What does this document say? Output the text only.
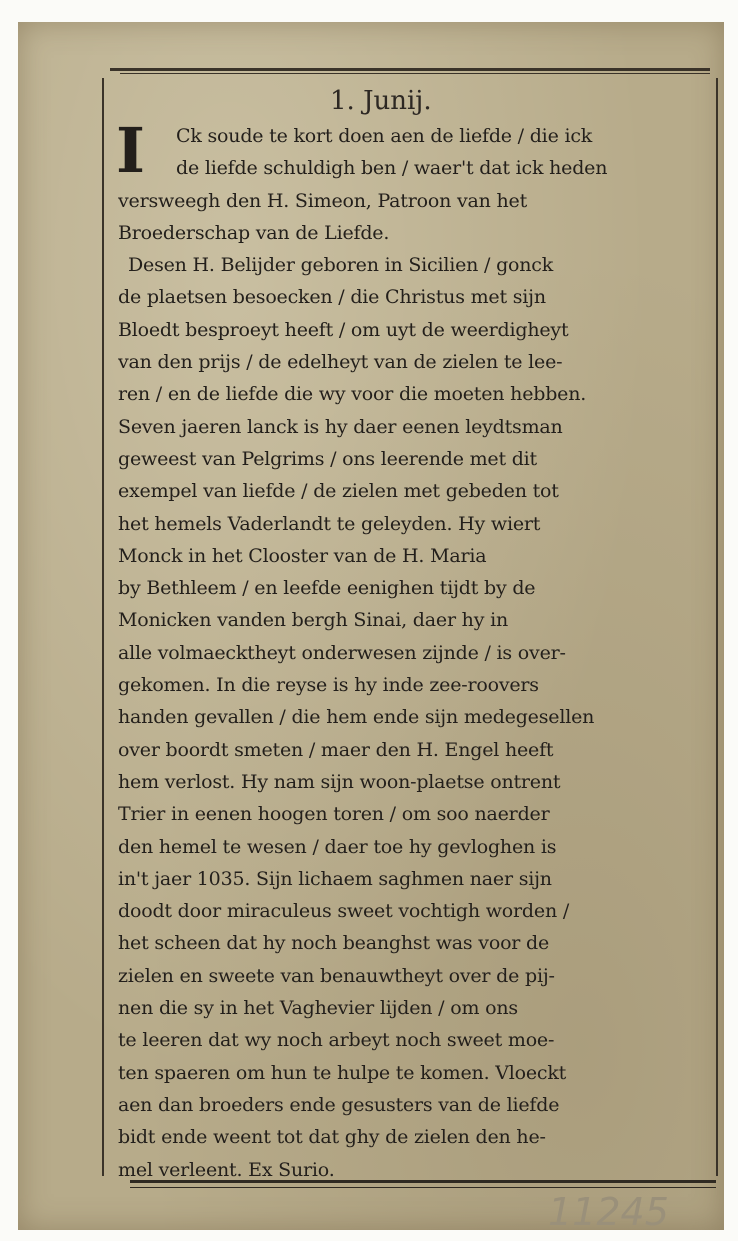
1. Junij.
I	Ck soude te kort doen aen de liefde / die ick
de liefde schuldigh ben / waer't dat ick heden
versweegh den H. Simeon, Patroon van het
Broederschap van de Liefde.
Desen H. Belijder geboren in Sicilien / gonck
de plaetsen besoecken / die Christus met sijn
Bloedt besproeyt heeft / om uyt de weerdigheyt
van den prijs / de edelheyt van de zielen te lee-
ren / en de liefde die wy voor die moeten hebben.
Seven jaeren lanck is hy daer eenen leydtsman
geweest van Pelgrims / ons leerende met dit
exempel van liefde / de zielen met gebeden tot
het hemels Vaderlandt te geleyden. Hy wiert
Monck in het Clooster van de H. Maria
by Bethleem / en leefde eenighen tijdt by de
Monicken vanden bergh Sinai, daer hy in
alle volmaecktheyt onderwesen zijnde / is over-
gekomen. In die reyse is hy inde zee-roovers
handen gevallen / die hem ende sijn medegesellen
over boordt smeten / maer den H. Engel heeft
hem verlost. Hy nam sijn woon-plaetse ontrent
Trier in eenen hoogen toren / om soo naerder
den hemel te wesen / daer toe hy gevloghen is
in't jaer 1035. Sijn lichaem saghmen naer sijn
doodt door miraculeus sweet vochtigh worden /
het scheen dat hy noch beanghst was voor de
zielen en sweete van benauwtheyt over de pij-
nen die sy in het Vaghevier lijden / om ons
te leeren dat wy noch arbeyt noch sweet moe-
ten spaeren om hun te hulpe te komen. Vloeckt
aen dan broeders ende gesusters van de liefde
bidt ende weent tot dat ghy de zielen den he-
mel verleent. Ex Surio.
11245
